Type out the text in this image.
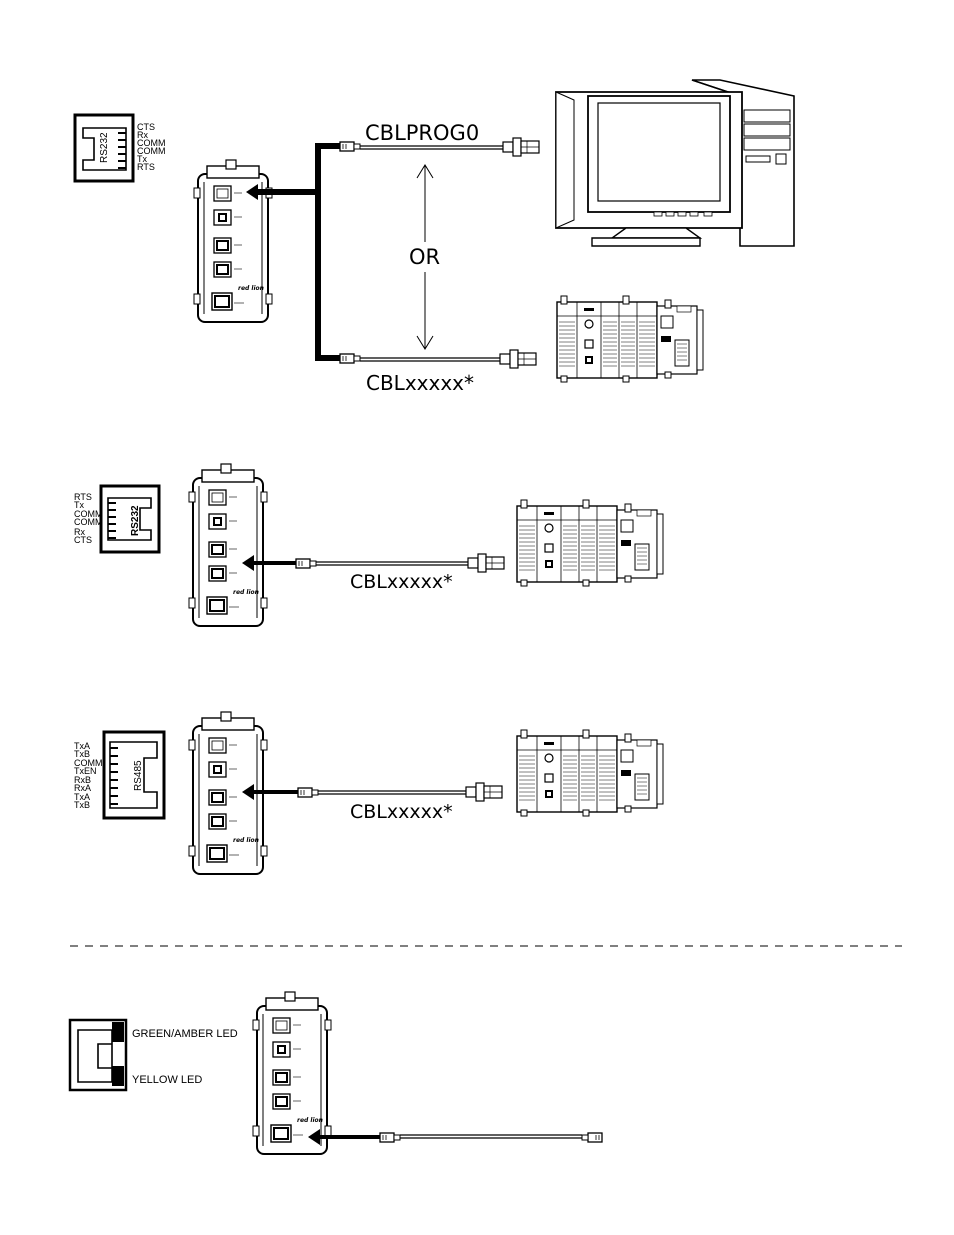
red lion
RS232
CTS
Rx
COMM
COMM
Tx
RTS
CBLPROG0
OR
CBLxxxxx*
RS232
RTS
Tx
COMM
COMM
Rx
CTS
CBLxxxxx*
RS485
TxA
TxB
COMM
TxEN
RxB
RxA
TxA
TxB	CBLxxxxx*
GREEN/AMBER LED
YELLOW LED
